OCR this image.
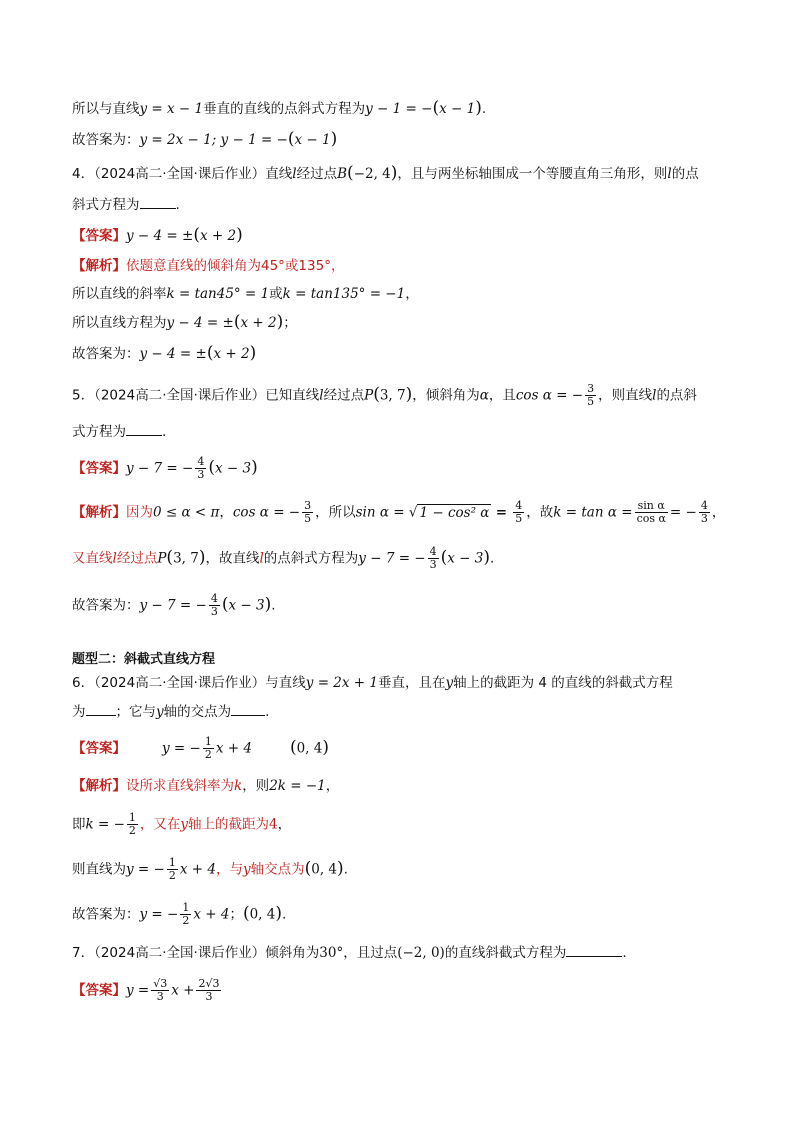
所以与直线y = x − 1垂直的直线的点斜式方程为y − 1 = −(x − 1).
故答案为：y = 2x − 1; y − 1 = −(x − 1)
4．（2024高二·全国·课后作业）直线l经过点B(−2, 4)，且与两坐标轴围成一个等腰直角三角形，则l的点
斜式方程为	.
【答案】y − 4 = ±(x + 2)
【解析】依题意直线的倾斜角为45°或135°，
所以直线的斜率k = tan45° = 1或k = tan135° = −1，
所以直线方程为y − 4 = ±(x + 2)；
故答案为：y − 4 = ±(x + 2)
5．（2024高二·全国·课后作业）已知直线l经过点P(3, 7)，倾斜角为α，且cos α = − $\frac{3}{5}$ ，则直线l的点斜
式方程为	.
【答案】y − 7 = − $\frac{4}{3} (x - 3)$
【解析】因为0 ≤ α < π，cos α = − $\frac{3}{5}$ ，所以sin α = √ 1 − cos² $\alpha = \frac{4}{5}$ ，故$k = \tan \alpha = \frac{\text{sin α}}{\text{cos α}}$ = − $\frac{4}{3}$ ，
又直线l经过点P(3, 7)，故直线l的点斜式方程为y − 7 = − $\frac{4}{3} (x - 3)$.
故答案为：y − 7 = − $\frac{4}{3} (x - 3)$.
题型二：斜截式直线方程
6．（2024高二·全国·课后作业）与直线y = 2x + 1垂直，且在y轴上的截距为 4 的直线的斜截式方程
为 ；它与y轴的交点为	.
【答案】	y = − $\frac{1}{2}$ x + 4 (0, 4)
【解析】设所求直线斜率为k，则2k = −1，
即k = − $\frac{1}{2}$ ，又在y轴上的截距为4，
则直线为y = − $\frac{1}{2}$ x + 4，与y轴交点为(0, 4).
故答案为：y = − $\frac{1}{2}$ x + 4；(0, 4).
7．（2024高二·全国·课后作业）倾斜角为30°，且过点(−2, 0)的直线斜截式方程为	.
【答案】$y = \frac{√3}{3}$ $x + \frac{2√3}{3}$
